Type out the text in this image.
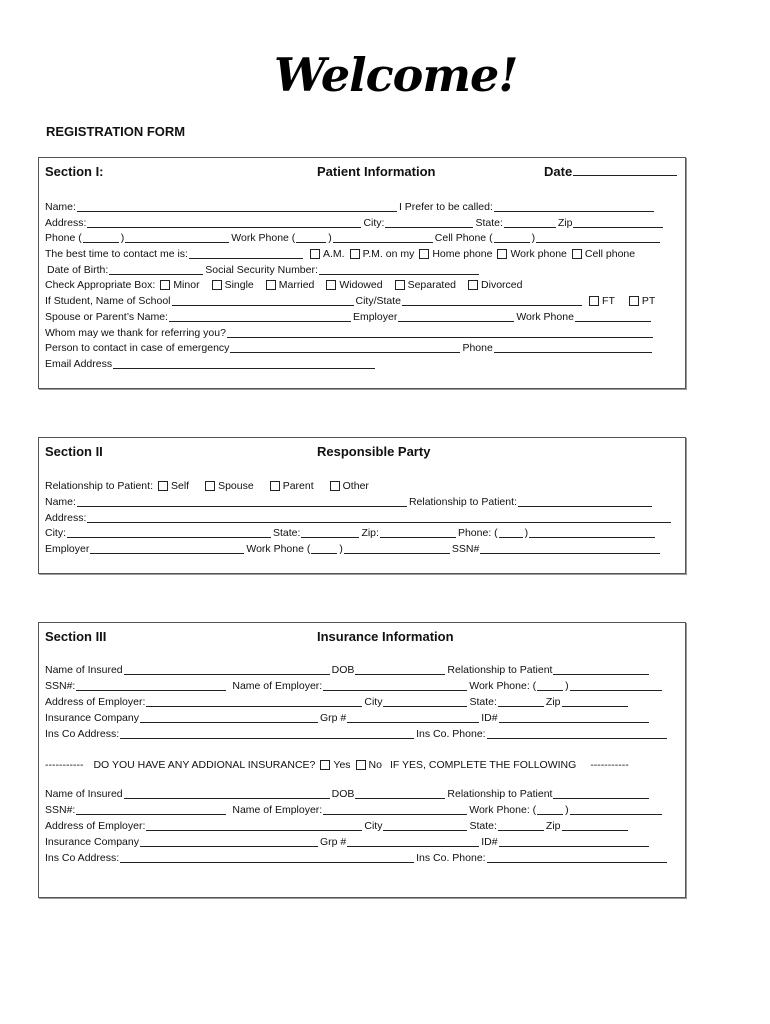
Welcome!
REGISTRATION FORM
Section I:	Patient Information	Date
Name:	I Prefer to be called:
Address:	City:	State:	Zip
Phone (	)	Work Phone (	)	Cell Phone (	)
The best time to contact me is:	A.M. P.M. on my Home phone Work phone Cell phone
Date of Birth:	Social Security Number:
Check Appropriate Box: Minor Single Married Widowed Separated Divorced
If Student, Name of School	City/State	FT	PT
Spouse or Parent’s Name:	Employer	Work Phone
Whom may we thank for referring you?
Person to contact in case of emergency	Phone
Email Address
Section II	Responsible Party
Relationship to Patient: Self	Spouse	Parent	Other
Name:	Relationship to Patient:
Address:
City:	State:	Zip:	Phone: (	)
Employer	Work Phone (	)	SSN#
Section III	Insurance Information
Name of Insured	DOB	Relationship to Patient
SSN#:	Name of Employer:	Work Phone: (	)
Address of Employer:	City	State:	Zip
Insurance Company	Grp #	ID#
Ins Co Address:	Ins Co. Phone:
----------- DO YOU HAVE ANY ADDIONAL INSURANCE? Yes No IF YES, COMPLETE THE FOLLOWING -----------
Name of Insured	DOB	Relationship to Patient
SSN#:	Name of Employer:	Work Phone: (	)
Address of Employer:	City	State:	Zip
Insurance Company	Grp #	ID#
Ins Co Address:	Ins Co. Phone:
